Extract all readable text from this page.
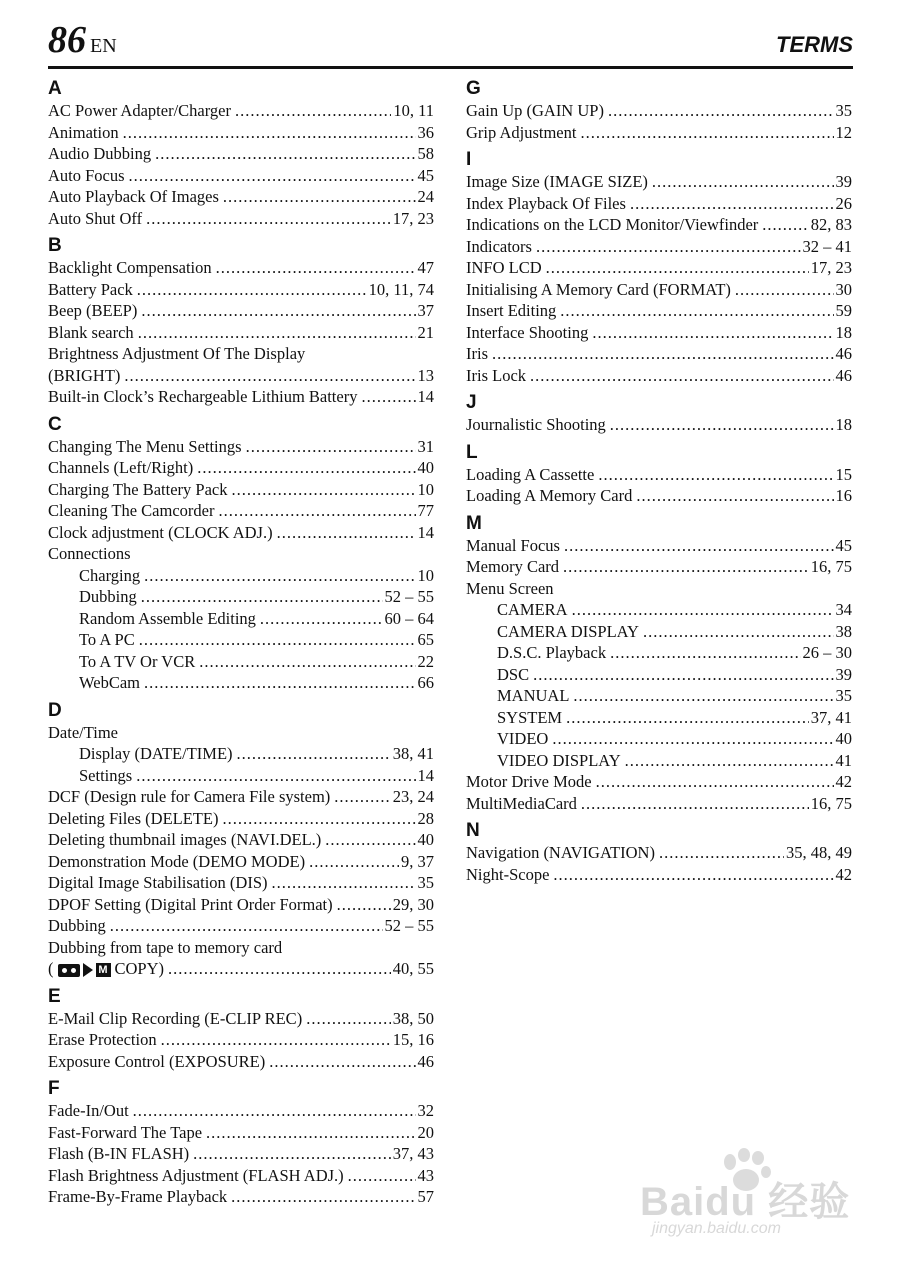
86 EN	TERMS
A
AC Power Adapter/Charger .....	10, 11
Animation .....	36
Audio Dubbing .....	58
Auto Focus .....	45
Auto Playback Of Images .....	24
Auto Shut Off .....	17, 23
B
Backlight Compensation .....	47
Battery Pack .....	10, 11, 74
Beep (BEEP) .....	37
Blank search .....	21
Brightness Adjustment Of The Display
(BRIGHT) .....	13
Built-in Clock’s Rechargeable Lithium Battery .....	14
C
Changing The Menu Settings .....	31
Channels (Left/Right) .....	40
Charging The Battery Pack .....	10
Cleaning The Camcorder .....	77
Clock adjustment (CLOCK ADJ.) .....	14
Connections
Charging .....	10
Dubbing .....	52 – 55
Random Assemble Editing .....	60 – 64
To A PC .....	65
To A TV Or VCR .....	22
WebCam .....	66
D
Date/Time
Display (DATE/TIME) .....	38, 41
Settings .....	14
DCF (Design rule for Camera File system) .....	23, 24
Deleting Files (DELETE) .....	28
Deleting thumbnail images (NAVI.DEL.) .....	40
Demonstration Mode (DEMO MODE) .....	9, 37
Digital Image Stabilisation (DIS) .....	35
DPOF Setting (Digital Print Order Format) .....	29, 30
Dubbing .....	52 – 55
Dubbing from tape to memory card
(	M COPY) .....	40, 55
E
E-Mail Clip Recording (E-CLIP REC) .....	38, 50
Erase Protection .....	15, 16
Exposure Control (EXPOSURE) .....	46
F
Fade-In/Out .....	32
Fast-Forward The Tape .....	20
Flash (B-IN FLASH) .....	37, 43
Flash Brightness Adjustment (FLASH ADJ.) .....	43
Frame-By-Frame Playback .....	57
G
Gain Up (GAIN UP) .....	35
Grip Adjustment .....	12
I
Image Size (IMAGE SIZE) .....	39
Index Playback Of Files .....	26
Indications on the LCD Monitor/Viewfinder .....	82, 83
Indicators .....	32 – 41
INFO LCD .....	17, 23
Initialising A Memory Card (FORMAT) .....	30
Insert Editing .....	59
Interface Shooting .....	18
Iris .....	46
Iris Lock .....	46
J
Journalistic Shooting .....	18
L
Loading A Cassette .....	15
Loading A Memory Card .....	16
M
Manual Focus .....	45
Memory Card .....	16, 75
Menu Screen
CAMERA .....	34
CAMERA DISPLAY .....	38
D.S.C. Playback .....	26 – 30
DSC .....	39
MANUAL .....	35
SYSTEM .....	37, 41
VIDEO .....	40
VIDEO DISPLAY .....	41
Motor Drive Mode .....	42
MultiMediaCard .....	16, 75
N
Navigation (NAVIGATION) .....	35, 48, 49
Night-Scope .....	42
Baidu 经验
jingyan.baidu.com
